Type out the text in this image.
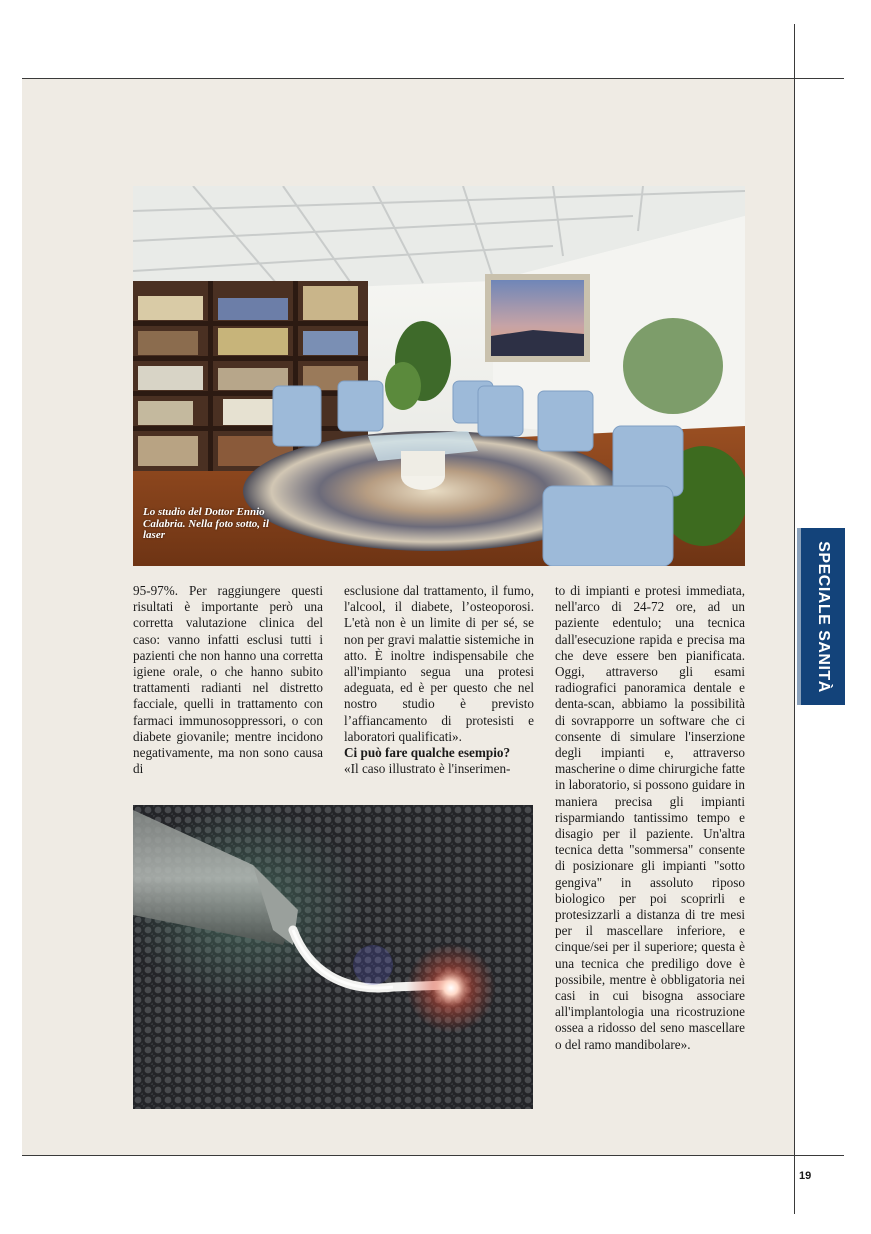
Lo studio del Dottor Ennio Calabria. Nella foto sotto, il laser

95-97%. Per raggiungere questi risultati è importante però una corretta valutazione clinica del caso: vanno infatti esclusi tutti i pazienti che non hanno una corretta igiene orale, o che hanno subito trattamenti radianti nel distretto facciale, quelli in trattamento con farmaci immunosoppressori, o con diabete giovanile; mentre incidono negativamente, ma non sono causa di

esclusione dal trattamento, il fumo, l'alcool, il diabete, l’osteoporosi. L'età non è un limite di per sé, se non per gravi malattie sistemiche in atto. È inoltre indispensabile che all'impianto segua una protesi adeguata, ed è per questo che nel nostro studio è previsto l’affiancamento di protesisti e laboratori qualificati».

Ci può fare qualche esempio?

«Il caso illustrato è l'inserimen-

to di impianti e protesi immediata, nell'arco di 24-72 ore, ad un paziente edentulo; una tecnica dall'esecuzione rapida e precisa ma che deve essere ben pianificata. Oggi, attraverso gli esami radiografici panoramica dentale e denta-scan, abbiamo la possibilità di sovrapporre un software che ci consente di simulare l'inserzione degli impianti e, attraverso mascherine o dime chirurgiche fatte in laboratorio, si possono guidare in maniera precisa gli impianti risparmiando tantissimo tempo e disagio per il paziente. Un'altra tecnica detta "sommersa" consente di posizionare gli impianti "sotto gengiva" in assoluto riposo biologico per poi scoprirli e protesizzarli a distanza di tre mesi per il mascellare inferiore, e cinque/sei per il superiore; questa è una tecnica che prediligo dove è possibile, mentre è obbligatoria nei casi in cui bisogna associare all'implantologia una ricostruzione ossea a ridosso del seno mascellare o del ramo mandibolare».

SPECIALE SANITÀ
19
